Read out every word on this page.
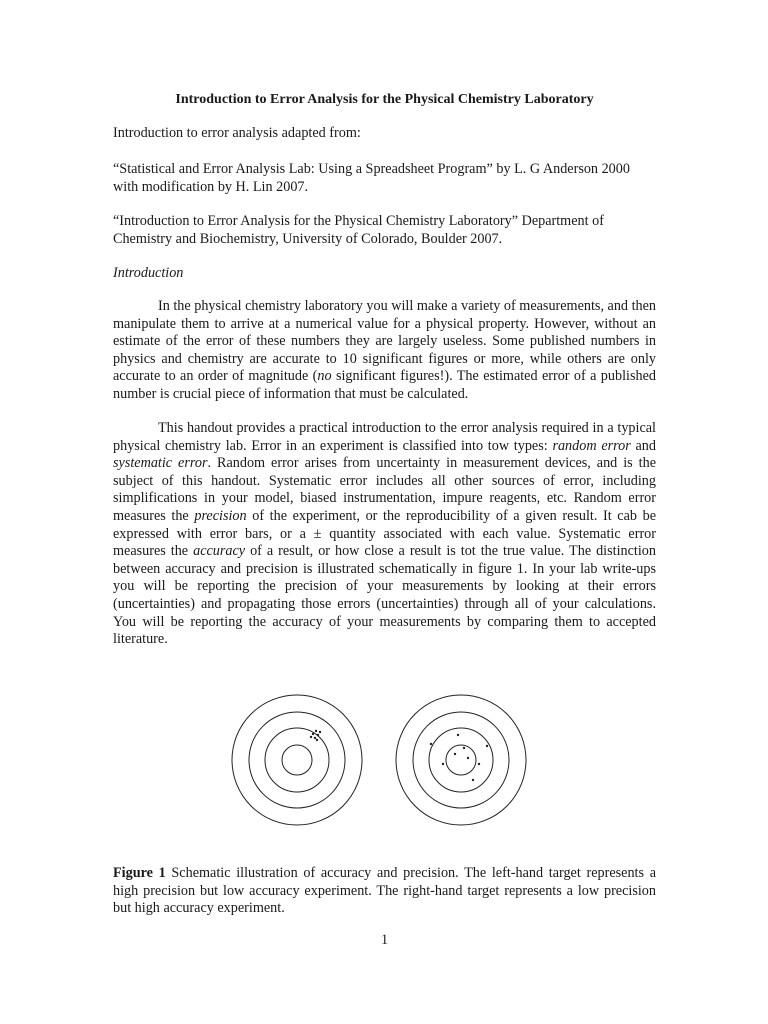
Introduction to Error Analysis for the Physical Chemistry Laboratory

Introduction to error analysis adapted from:

“Statistical and Error Analysis Lab: Using a Spreadsheet Program” by L. G Anderson 2000 with modification by H. Lin 2007.

“Introduction to Error Analysis for the Physical Chemistry Laboratory” Department of Chemistry and Biochemistry, University of Colorado, Boulder 2007.

Introduction

In the physical chemistry laboratory you will make a variety of measurements, and then manipulate them to arrive at a numerical value for a physical property. However, without an estimate of the error of these numbers they are largely useless. Some published numbers in physics and chemistry are accurate to 10 significant figures or more, while others are only accurate to an order of magnitude (no significant figures!). The estimated error of a published number is crucial piece of information that must be calculated.

This handout provides a practical introduction to the error analysis required in a typical physical chemistry lab. Error in an experiment is classified into tow types: random error and systematic error. Random error arises from uncertainty in measurement devices, and is the subject of this handout. Systematic error includes all other sources of error, including simplifications in your model, biased instrumentation, impure reagents, etc. Random error measures the precision of the experiment, or the reproducibility of a given result. It cab be expressed with error bars, or a ± quantity associated with each value. Systematic error measures the accuracy of a result, or how close a result is tot the true value. The distinction between accuracy and precision is illustrated schematically in figure 1. In your lab write-ups you will be reporting the precision of your measurements by looking at their errors (uncertainties) and propagating those errors (uncertainties) through all of your calculations. You will be reporting the accuracy of your measurements by comparing them to accepted literature.

Figure 1 Schematic illustration of accuracy and precision. The left-hand target represents a high precision but low accuracy experiment. The right-hand target represents a low precision but high accuracy experiment.

1
